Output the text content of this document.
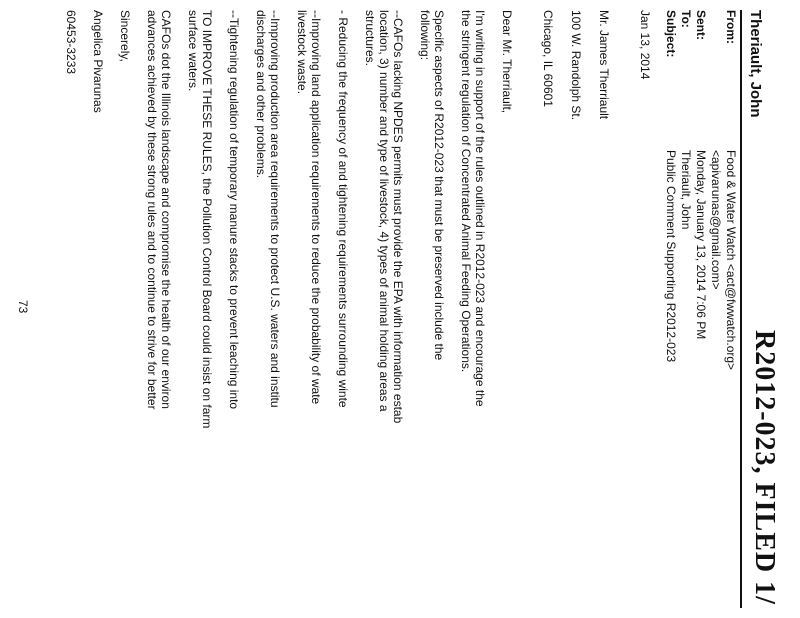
R2012-023, FILED 1/
Theriault, John
From:
Food & Water Watch <act@fwwatch.org>
<apivarunas@gmail.com>
Sent:
Monday, January 13, 2014 7:06 PM
To:
Theriault, John
Subject:
Public Comment Supporting R2012-023

Jan 13, 2014

Mr. James Therriault

100 W. Randolph St.

Chicago, IL 60601

Dear Mr. Therriault,

I'm writing in support of the rules outlined in R2012-023 and encourage the
the stringent regulation of Concentrated Animal Feeding Operations.

Specific aspects of R2012-023 that must be preserved include the
following:

--CAFOs lacking NPDES permits must provide the EPA with information estab
location, 3) number and type of livestock, 4) types of animal holding areas a
structures.

- Reducing the frequency of and tightening requirements surrounding winte

--Improving land application requirements to reduce the probability of wate
livestock waste.

--Improving production area requirements to protect U.S. waters and institu
discharges and other problems.

--Tightening regulation of temporary manure stacks to prevent leaching into

TO IMPROVE THESE RULES, the Pollution Control Board could insist on farm
surface waters.

CAFOs dot the Illinois landscape and compromise the health of our environ
advances achieved by these strong rules and to continue to strive for better

Sincerely,

Angelica Pivarunas

60453-3233

73
